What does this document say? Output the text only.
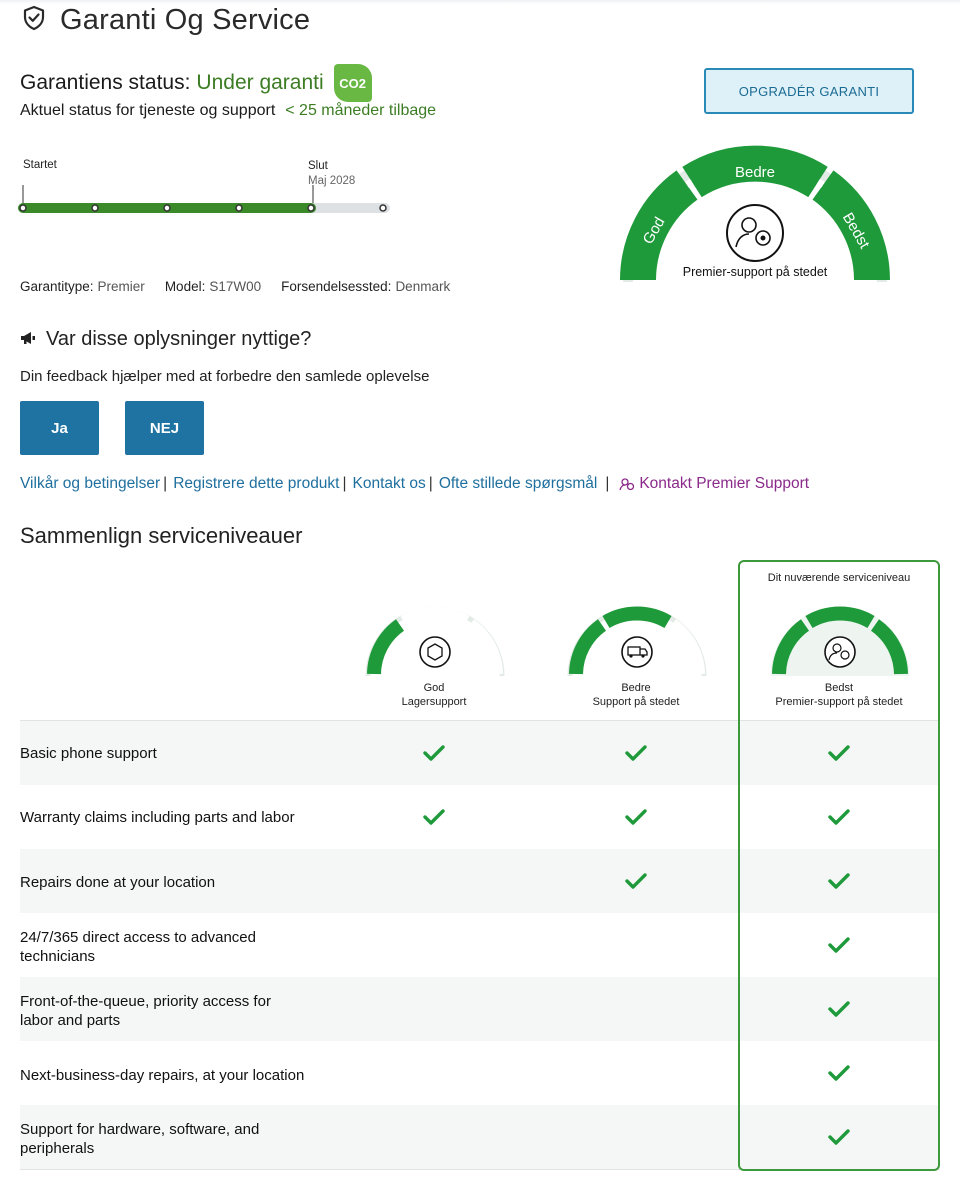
Garanti Og Service
Garantiens status: Under garanti CO2
Aktuel status for tjeneste og support < 25 måneder tilbage
OPGRADÉR GARANTI
Startet	Slut
Maj 2028
God
Bedre
Bedst
Premier-support på stedet
Garantitype: Premier Model: S17W00 Forsendelsessted: Denmark
Var disse oplysninger nyttige?
Din feedback hjælper med at forbedre den samlede oplevelse
Ja	NEJ
Vilkår og betingelser | Registrere dette produkt | Kontakt os | Ofte stillede spørgsmål | Kontakt Premier Support
Sammenlign serviceniveauer
Dit nuværende serviceniveau
God
Lagersupport
Bedre
Support på stedet
Bedst
Premier-support på stedet
Basic phone support
Warranty claims including parts and labor
Repairs done at your location
24/7/365 direct access to advanced technicians
Front-of-the-queue, priority access for labor and parts
Next-business-day repairs, at your location
Support for hardware, software, and peripherals
